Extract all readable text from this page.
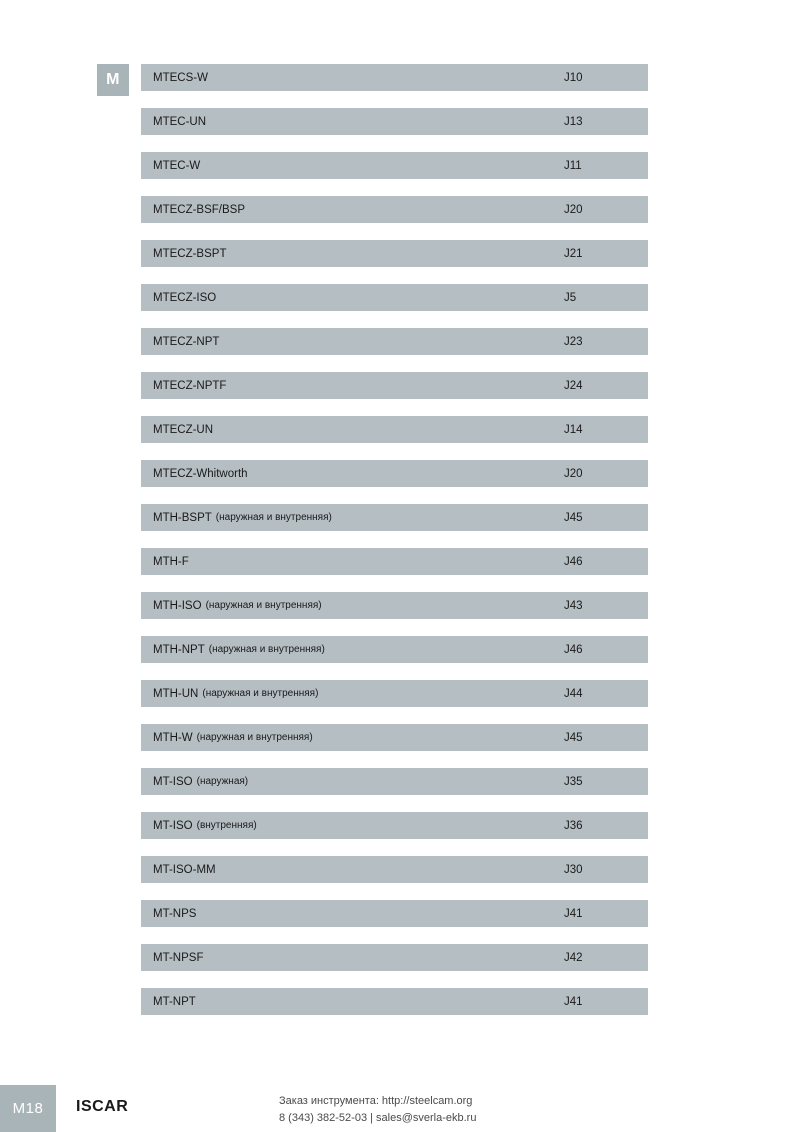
M	MTECS-W	J10
MTEC-UN	J13
MTEC-W	J11
MTECZ-BSF/BSP	J20
MTECZ-BSPT	J21
MTECZ-ISO	J5
MTECZ-NPT	J23
MTECZ-NPTF	J24
MTECZ-UN	J14
MTECZ-Whitworth	J20
MTH-BSPT (наружная и внутренняя)	J45
MTH-F	J46
MTH-ISO (наружная и внутренняя)	J43
MTH-NPT (наружная и внутренняя)	J46
MTH-UN (наружная и внутренняя)	J44
MTH-W (наружная и внутренняя)	J45
MT-ISO (наружная)	J35
MT-ISO (внутренняя)	J36
MT-ISO-MM	J30
MT-NPS	J41
MT-NPSF	J42
MT-NPT	J41
M18	ISCAR	Заказ инструмента: http://steelcam.org
8 (343) 382-52-03 | sales@sverla-ekb.ru
